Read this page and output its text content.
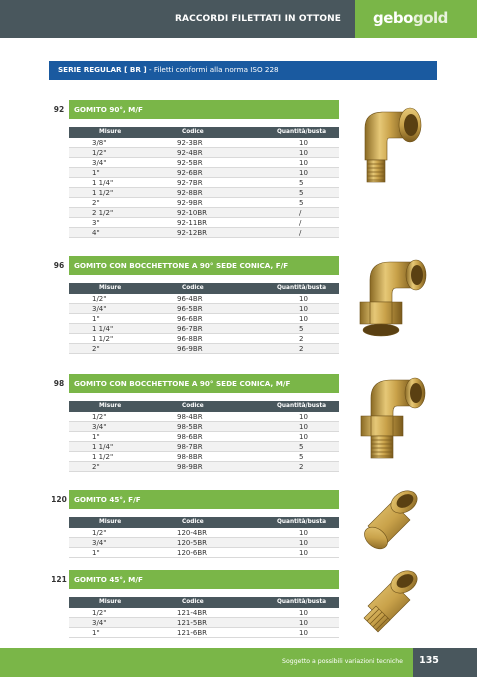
RACCORDI FILETTATI IN OTTONE gebogold
SERIE REGULAR [ BR ] - Filetti conformi alla norma ISO 228
92	GOMITO 90°, M/F
Misure	Codice	Quantità/busta
3/8"	92-3BR	10
1/2"	92-4BR	10
3/4"	92-5BR	10
1"	92-6BR	10
1 1/4"	92-7BR	5
1 1/2"	92-8BR	5
2"	92-9BR	5
2 1/2"	92-10BR	/
3"	92-11BR	/
4"	92-12BR	/
96	GOMITO CON BOCCHETTONE A 90° SEDE CONICA, F/F
Misure	Codice	Quantità/busta
1/2"	96-4BR	10
3/4"	96-5BR	10
1"	96-6BR	10
1 1/4"	96-7BR	5
1 1/2"	96-8BR	2
2"	96-9BR	2
98	GOMITO CON BOCCHETTONE A 90° SEDE CONICA, M/F
Misure	Codice	Quantità/busta
1/2"	98-4BR	10
3/4"	98-5BR	10
1"	98-6BR	10
1 1/4"	98-7BR	5
1 1/2"	98-8BR	5
2"	98-9BR	2
120 GOMITO 45°, F/F
Misure	Codice	Quantità/busta
1/2"	120-4BR	10
3/4"	120-5BR	10
1"	120-6BR	10
121 GOMITO 45°, M/F
Misure	Codice	Quantità/busta
1/2"	121-4BR	10
3/4"	121-5BR	10
1"	121-6BR	10
Soggetto a possibili variazioni tecniche	135
